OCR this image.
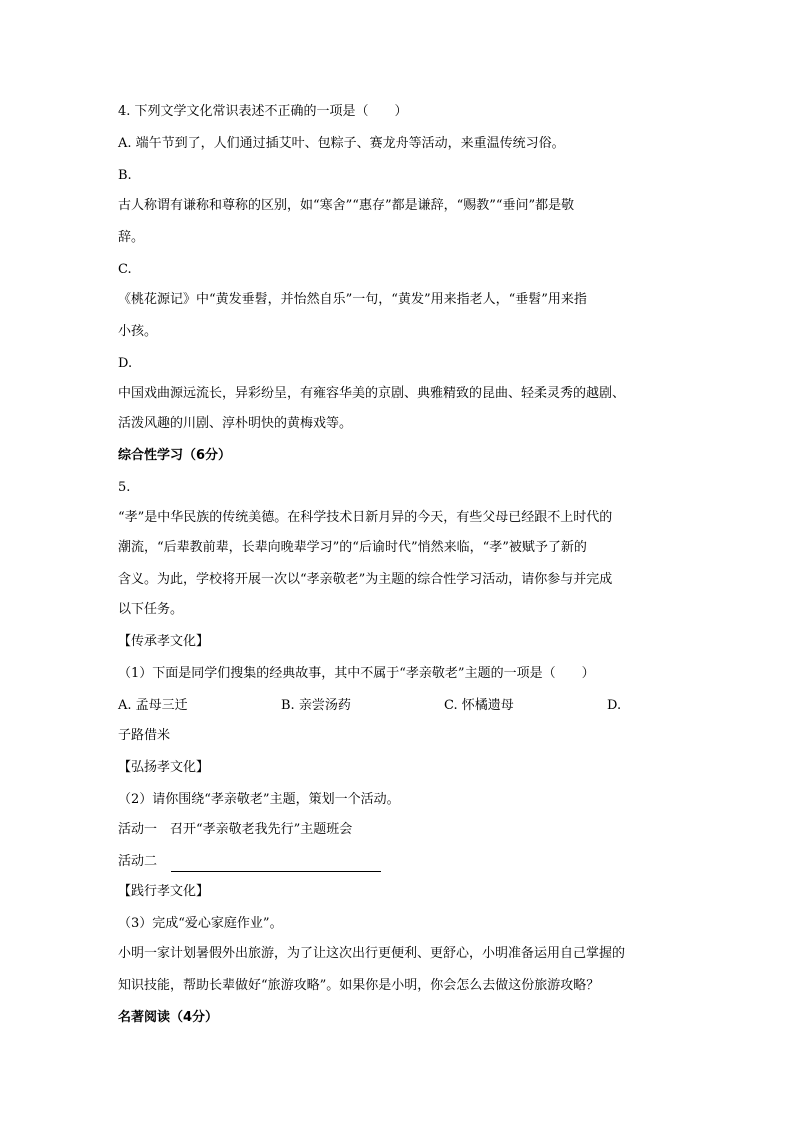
4. 下列文学文化常识表述不正确的一项是（　　）
A. 端午节到了，人们通过插艾叶、包粽子、赛龙舟等活动，来重温传统习俗。
B.
古人称谓有谦称和尊称的区别，如“寒舍”“惠存”都是谦辞，“赐教”“垂问”都是敬
辞。
C.
《桃花源记》中“黄发垂髫，并怡然自乐”一句，“黄发”用来指老人，“垂髫”用来指
小孩。
D.
中国戏曲源远流长，异彩纷呈，有雍容华美的京剧、典雅精致的昆曲、轻柔灵秀的越剧、
活泼风趣的川剧、淳朴明快的黄梅戏等。
综合性学习（6分）
5.
“孝”是中华民族的传统美德。在科学技术日新月异的今天，有些父母已经跟不上时代的
潮流，“后辈教前辈，长辈向晚辈学习”的“后谕时代”悄然来临，“孝”被赋予了新的
含义。为此，学校将开展一次以“孝亲敬老”为主题的综合性学习活动，请你参与并完成
以下任务。
【传承孝文化】
（1）下面是同学们搜集的经典故事，其中不属于“孝亲敬老”主题的一项是（　　）
A. 孟母三迁	B. 亲尝汤药	C. 怀橘遗母	D.
子路借米
【弘扬孝文化】
（2）请你围绕“孝亲敬老”主题，策划一个活动。
活动一　召开“孝亲敬老我先行”主题班会
活动二
【践行孝文化】
（3）完成“爱心家庭作业”。
小明一家计划暑假外出旅游，为了让这次出行更便利、更舒心，小明准备运用自己掌握的
知识技能，帮助长辈做好“旅游攻略”。如果你是小明，你会怎么去做这份旅游攻略？
名著阅读（4分）
